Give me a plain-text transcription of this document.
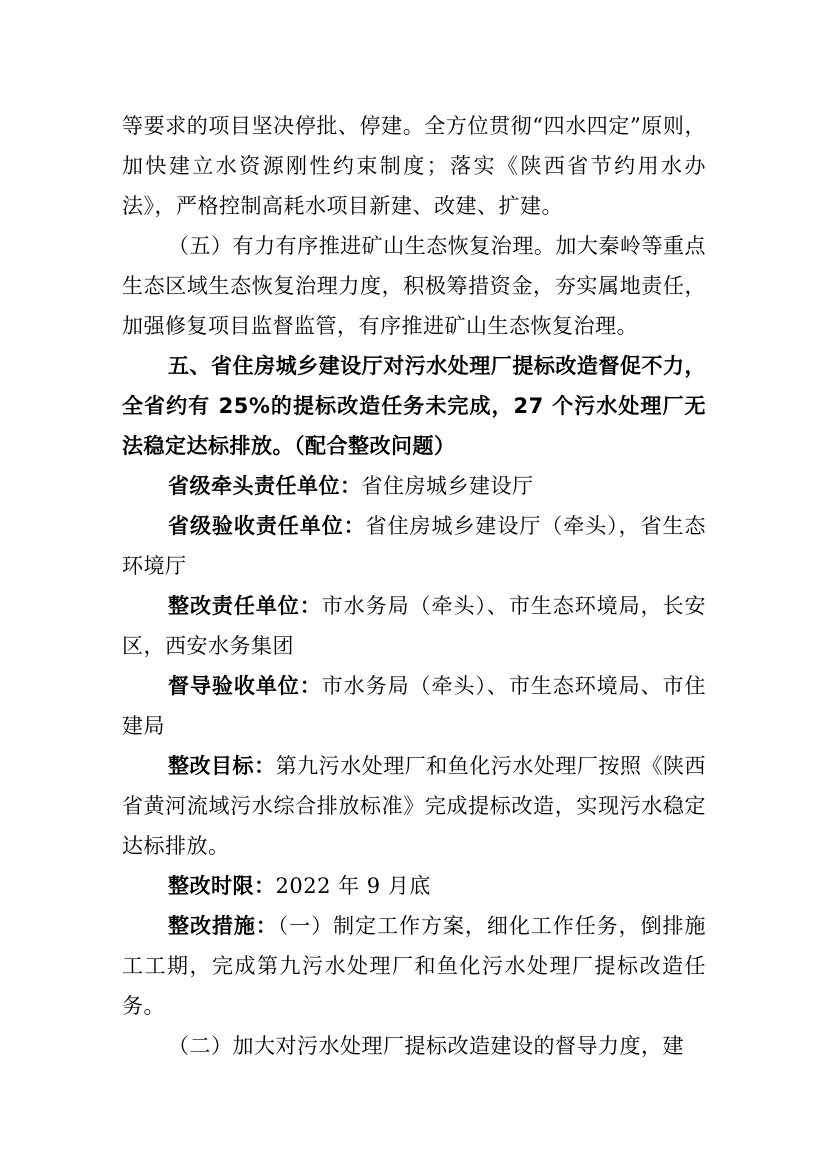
等要求的项目坚决停批、停建。全方位贯彻“四水四定”原则，加快建立水资源刚性约束制度；落实《陕西省节约用水办法》，严格控制高耗水项目新建、改建、扩建。

（五）有力有序推进矿山生态恢复治理。加大秦岭等重点生态区域生态恢复治理力度，积极筹措资金，夯实属地责任，加强修复项目监督监管，有序推进矿山生态恢复治理。

五、省住房城乡建设厅对污水处理厂提标改造督促不力，全省约有 25%的提标改造任务未完成，27 个污水处理厂无法稳定达标排放。（配合整改问题）

省级牵头责任单位：省住房城乡建设厅

省级验收责任单位：省住房城乡建设厅（牵头），省生态环境厅

整改责任单位：市水务局（牵头）、市生态环境局，长安区，西安水务集团

督导验收单位：市水务局（牵头）、市生态环境局、市住建局

整改目标：第九污水处理厂和鱼化污水处理厂按照《陕西省黄河流域污水综合排放标准》完成提标改造，实现污水稳定达标排放。

整改时限：2022 年 9 月底

整改措施：（一）制定工作方案，细化工作任务，倒排施工工期，完成第九污水处理厂和鱼化污水处理厂提标改造任务。

（二）加大对污水处理厂提标改造建设的督导力度，建
